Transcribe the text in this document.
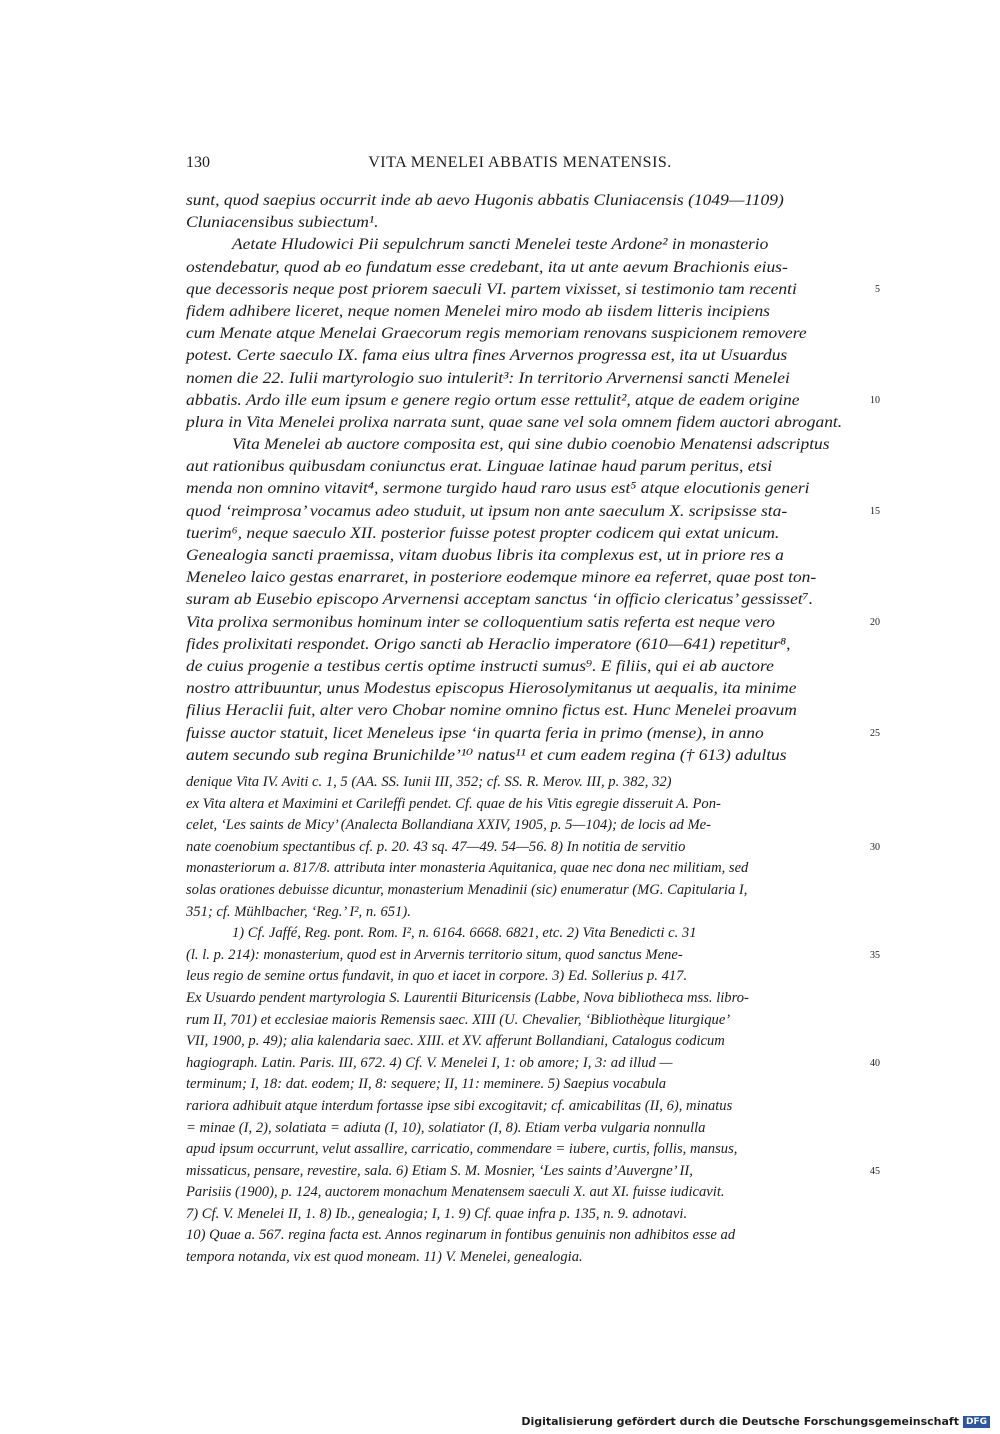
130	VITA MENELEI ABBATIS MENATENSIS.
sunt, quod saepius occurrit inde ab aevo Hugonis abbatis Cluniacensis (1049—1109)
Cluniacensibus subiectum¹.
Aetate Hludowici Pii sepulchrum sancti Menelei teste Ardone² in monasterio
ostendebatur, quod ab eo fundatum esse credebant, ita ut ante aevum Brachionis eius-
que decessoris neque post priorem saeculi VI. partem vixisset, si testimonio tam recenti	5
fidem adhibere liceret, neque nomen Menelei miro modo ab iisdem litteris incipiens
cum Menate atque Menelai Graecorum regis memoriam renovans suspicionem removere
potest. Certe saeculo IX. fama eius ultra fines Arvernos progressa est, ita ut Usuardus
nomen die 22. Iulii martyrologio suo intulerit³: In territorio Arvernensi sancti Menelei
abbatis. Ardo ille eum ipsum e genere regio ortum esse rettulit², atque de eadem origine	10
plura in Vita Menelei prolixa narrata sunt, quae sane vel sola omnem fidem auctori abrogant.
Vita Menelei ab auctore composita est, qui sine dubio coenobio Menatensi adscriptus
aut rationibus quibusdam coniunctus erat. Linguae latinae haud parum peritus, etsi
menda non omnino vitavit⁴, sermone turgido haud raro usus est⁵ atque elocutionis generi
quod ‘reimprosa’ vocamus adeo studuit, ut ipsum non ante saeculum X. scripsisse sta-	15
tuerim⁶, neque saeculo XII. posterior fuisse potest propter codicem qui extat unicum.
Genealogia sancti praemissa, vitam duobus libris ita complexus est, ut in priore res a
Meneleo laico gestas enarraret, in posteriore eodemque minore ea referret, quae post ton-
suram ab Eusebio episcopo Arvernensi acceptam sanctus ‘in officio clericatus’ gessisset⁷.
Vita prolixa sermonibus hominum inter se colloquentium satis referta est neque vero	20
fides prolixitati respondet. Origo sancti ab Heraclio imperatore (610—641) repetitur⁸,
de cuius progenie a testibus certis optime instructi sumus⁹. E filiis, qui ei ab auctore
nostro attribuuntur, unus Modestus episcopus Hierosolymitanus ut aequalis, ita minime
filius Heraclii fuit, alter vero Chobar nomine omnino fictus est. Hunc Menelei proavum
fuisse auctor statuit, licet Meneleus ipse ‘in quarta feria in primo (mense), in anno	25
autem secundo sub regina Brunichilde’¹⁰ natus¹¹ et cum eadem regina († 613) adultus
denique Vita IV. Aviti c. 1, 5 (AA. SS. Iunii III, 352; cf. SS. R. Merov. III, p. 382, 32)
ex Vita altera et Maximini et Carileffi pendet. Cf. quae de his Vitis egregie disseruit A. Pon-
celet, ‘Les saints de Micy’ (Analecta Bollandiana XXIV, 1905, p. 5—104); de locis ad Me-
nate coenobium spectantibus cf. p. 20. 43 sq. 47—49. 54—56. 8) In notitia de servitio	30
monasteriorum a. 817/8. attributa inter monasteria Aquitanica, quae nec dona nec militiam, sed
solas orationes debuisse dicuntur, monasterium Menadinii (sic) enumeratur (MG. Capitularia I,
351; cf. Mühlbacher, ‘Reg.’ I², n. 651).
1) Cf. Jaffé, Reg. pont. Rom. I², n. 6164. 6668. 6821, etc. 2) Vita Benedicti c. 31
(l. l. p. 214): monasterium, quod est in Arvernis territorio situm, quod sanctus Mene-	35
leus regio de semine ortus fundavit, in quo et iacet in corpore. 3) Ed. Sollerius p. 417.
Ex Usuardo pendent martyrologia S. Laurentii Bituricensis (Labbe, Nova bibliotheca mss. libro-
rum II, 701) et ecclesiae maioris Remensis saec. XIII (U. Chevalier, ‘Bibliothèque liturgique’
VII, 1900, p. 49); alia kalendaria saec. XIII. et XV. afferunt Bollandiani, Catalogus codicum
hagiograph. Latin. Paris. III, 672. 4) Cf. V. Menelei I, 1: ob amore; I, 3: ad illud —	40
terminum; I, 18: dat. eodem; II, 8: sequere; II, 11: meminere. 5) Saepius vocabula
rariora adhibuit atque interdum fortasse ipse sibi excogitavit; cf. amicabilitas (II, 6), minatus
= minae (I, 2), solatiata = adiuta (I, 10), solatiator (I, 8). Etiam verba vulgaria nonnulla
apud ipsum occurrunt, velut assallire, carricatio, commendare = iubere, curtis, follis, mansus,
missaticus, pensare, revestire, sala. 6) Etiam S. M. Mosnier, ‘Les saints d’Auvergne’ II,	45
Parisiis (1900), p. 124, auctorem monachum Menatensem saeculi X. aut XI. fuisse iudicavit.
7) Cf. V. Menelei II, 1. 8) Ib., genealogia; I, 1. 9) Cf. quae infra p. 135, n. 9. adnotavi.
10) Quae a. 567. regina facta est. Annos reginarum in fontibus genuinis non adhibitos esse ad
tempora notanda, vix est quod moneam. 11) V. Menelei, genealogia.
Digitalisierung gefördert durch die Deutsche Forschungsgemeinschaft DFG
